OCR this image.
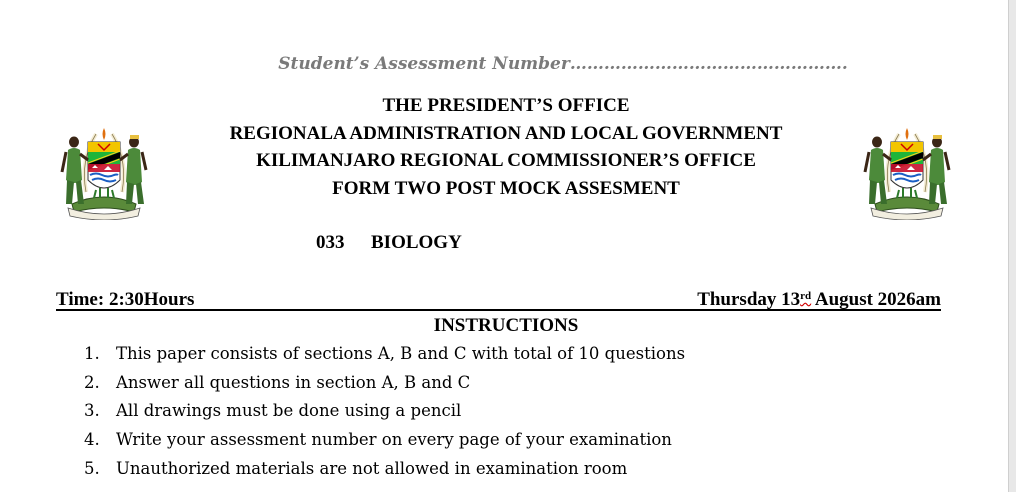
Student’s Assessment Number………………………………………….
THE PRESIDENT’S OFFICE
REGIONALA ADMINISTRATION AND LOCAL GOVERNMENT
KILIMANJARO REGIONAL COMMISSIONER’S OFFICE
FORM TWO POST MOCK ASSESMENT
033 BIOLOGY
Time: 2:30Hours	Thursday 13rd August 2026am
INSTRUCTIONS
1. This paper consists of sections A, B and C with total of 10 questions
2. Answer all questions in section A, B and C
3. All drawings must be done using a pencil
4. Write your assessment number on every page of your examination
5. Unauthorized materials are not allowed in examination room
